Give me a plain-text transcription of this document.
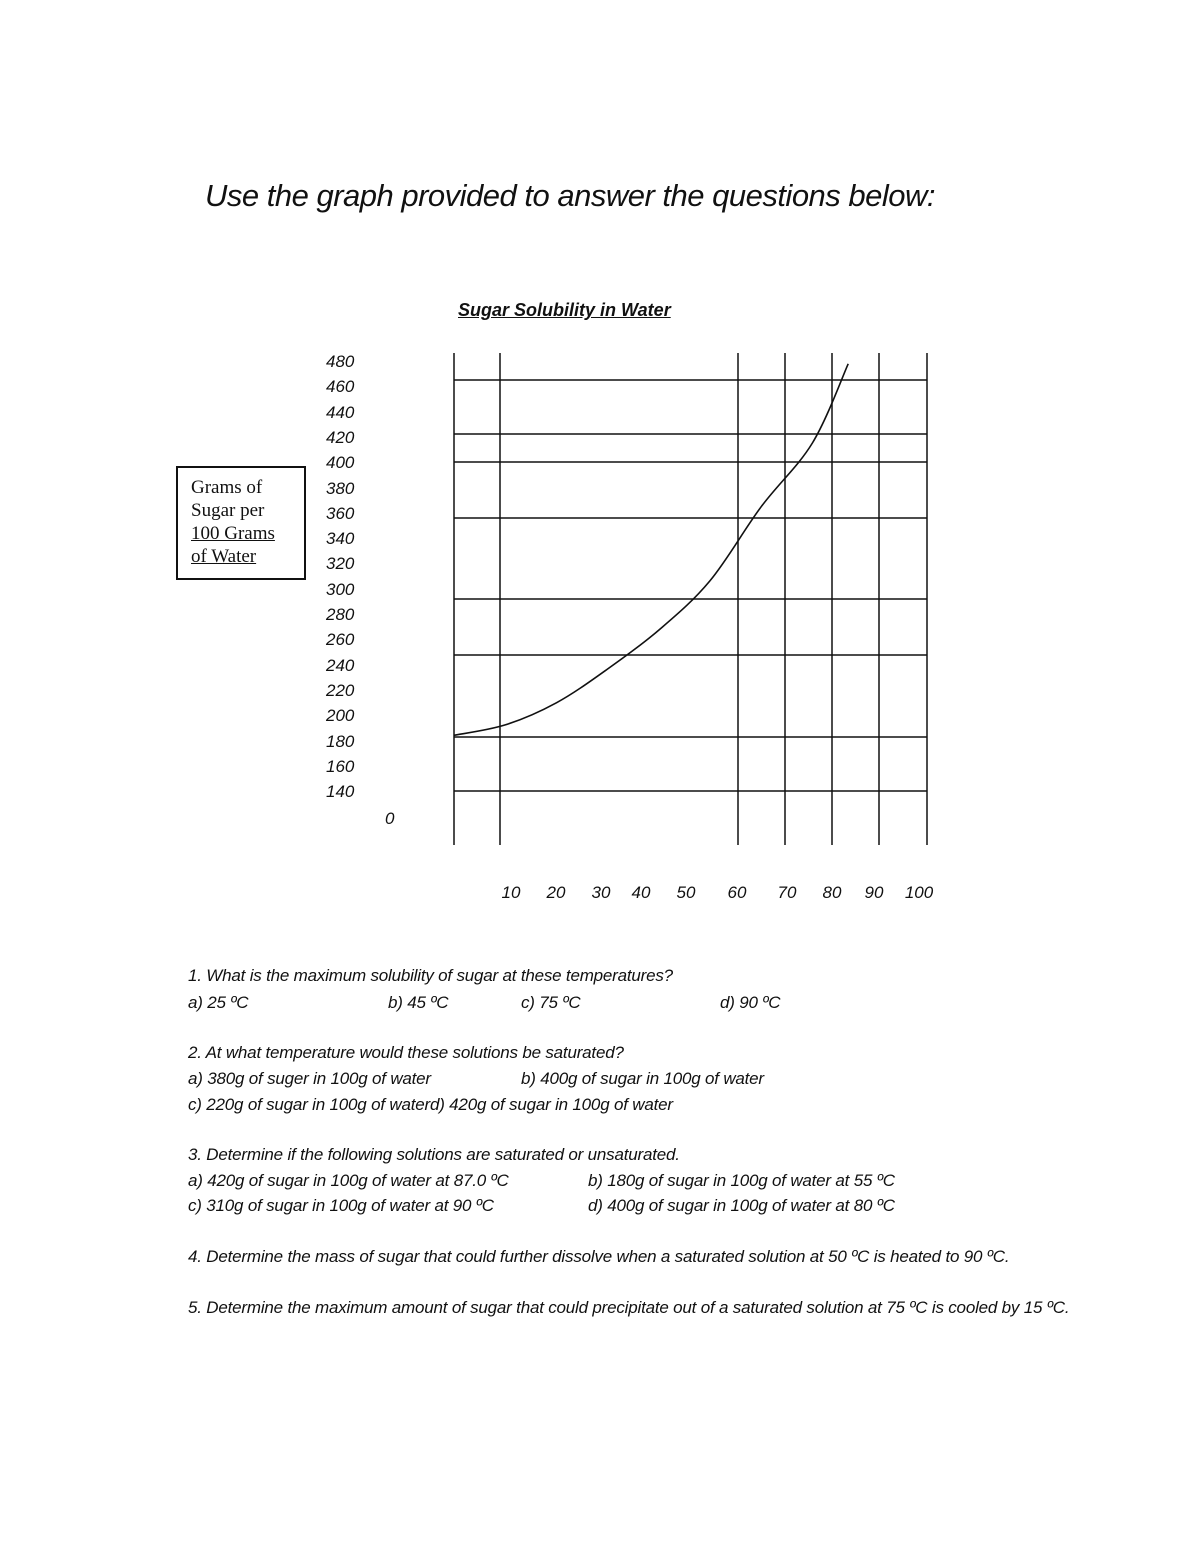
Use the graph provided to answer the questions below:
Sugar Solubility in Water
Grams of
Sugar per
100 Grams
of Water
480
460
440
420
400
380
360
340
320
300
280
260
240
220
200
180
160
140
0
10 20 30 40 50 60 70 80 90 100
1. What is the maximum solubility of sugar at these temperatures?
a) 25 ºC	b) 45 ºC	c) 75 ºC	d) 90 ºC
2. At what temperature would these solutions be saturated?
a) 380g of suger in 100g of water	b) 400g of sugar in 100g of water
c) 220g of sugar in 100g of waterd) 420g of sugar in 100g of water
3. Determine if the following solutions are saturated or unsaturated.
a) 420g of sugar in 100g of water at 87.0 ºC	b) 180g of sugar in 100g of water at 55 ºC
c) 310g of sugar in 100g of water at 90 ºC	d) 400g of sugar in 100g of water at 80 ºC
4. Determine the mass of sugar that could further dissolve when a saturated solution at 50 ºC is heated to 90 ºC.
5. Determine the maximum amount of sugar that could precipitate out of a saturated solution at 75 ºC is cooled by 15 ºC.
